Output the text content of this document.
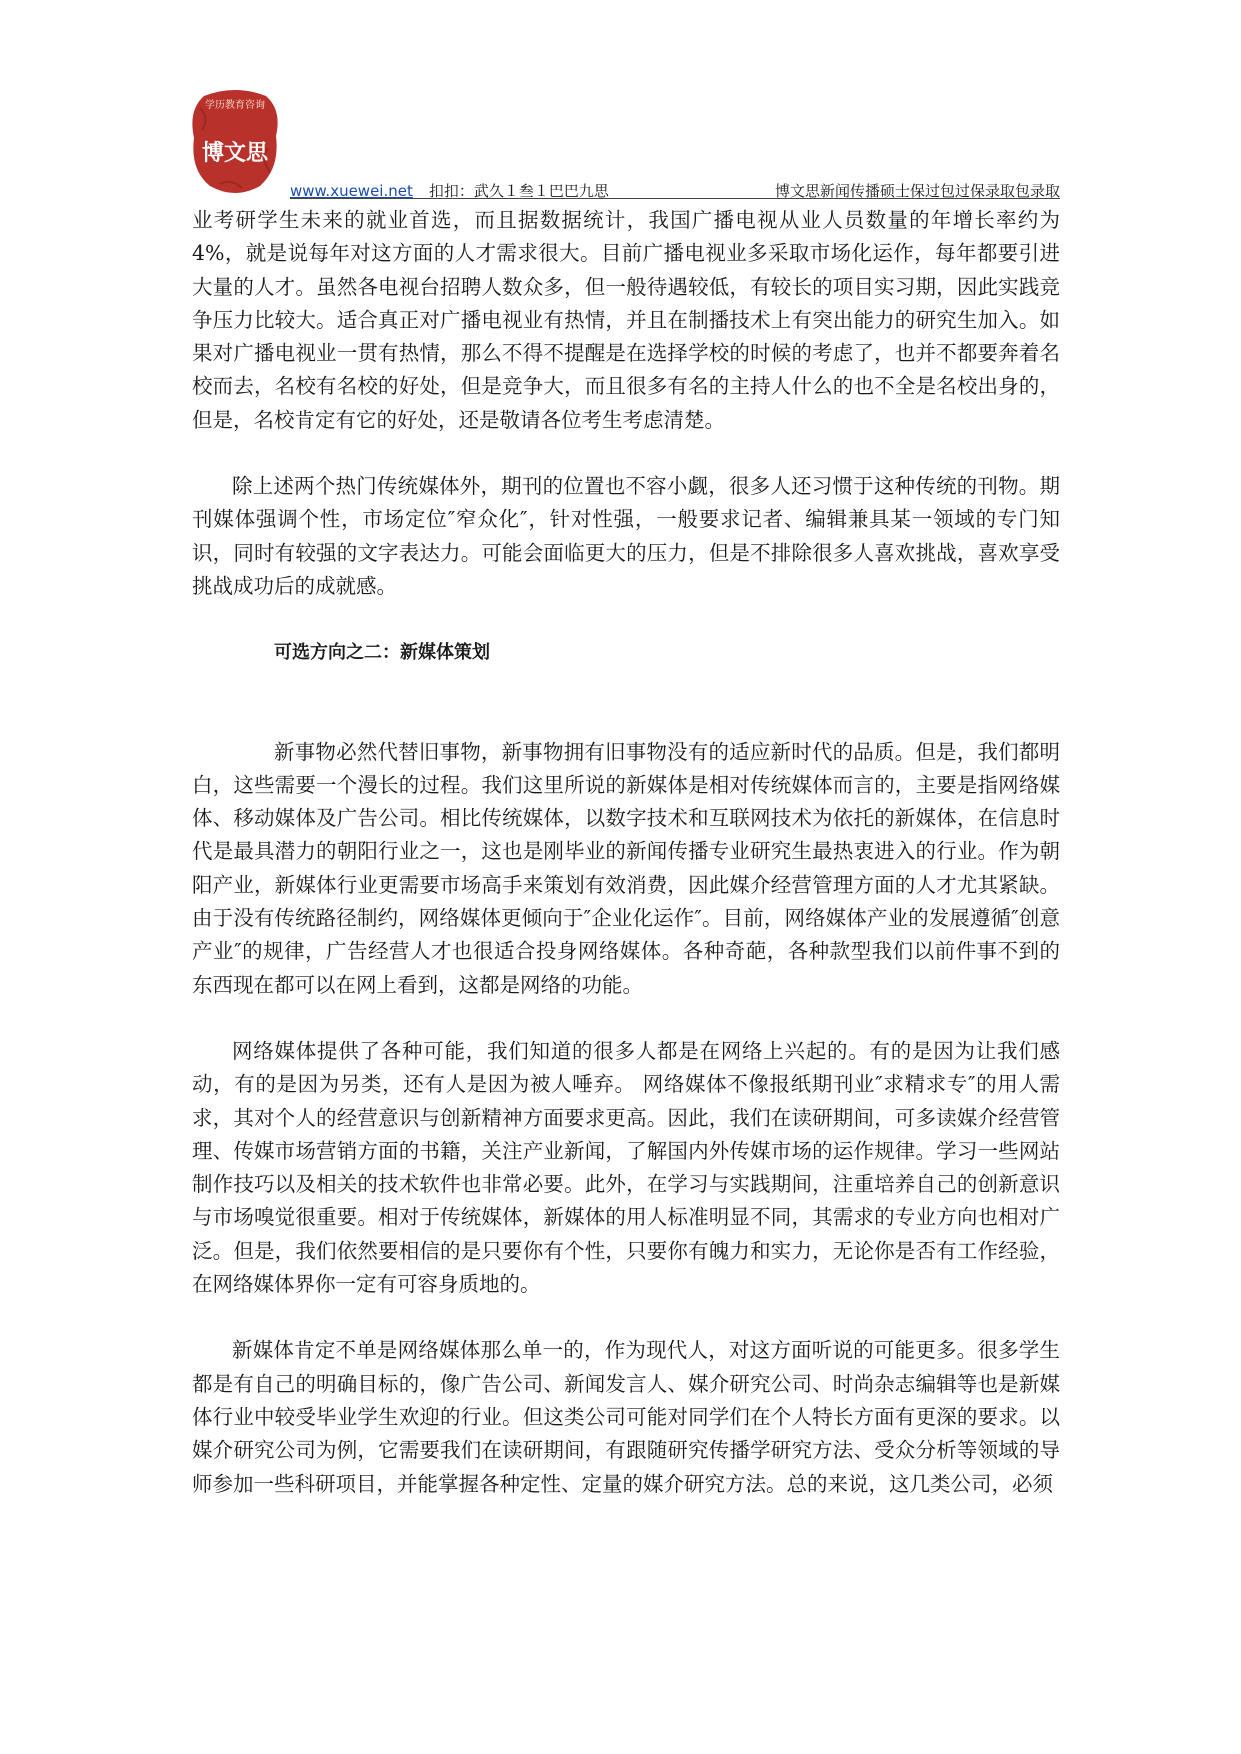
学历教育咨询
博文思
www.xuewei.net 扣扣：武久１叁１巴巴九思	博文思新闻传播硕士保过包过保录取包录取

业考研学生未来的就业首选，而且据数据统计，我国广播电视从业人员数量的年增长率约为4%，就是说每年对这方面的人才需求很大。目前广播电视业多采取市场化运作，每年都要引进大量的人才。虽然各电视台招聘人数众多，但一般待遇较低，有较长的项目实习期，因此实践竞争压力比较大。适合真正对广播电视业有热情，并且在制播技术上有突出能力的研究生加入。如果对广播电视业一贯有热情，那么不得不提醒是在选择学校的时候的考虑了，也并不都要奔着名校而去，名校有名校的好处，但是竞争大，而且很多有名的主持人什么的也不全是名校出身的，但是，名校肯定有它的好处，还是敬请各位考生考虑清楚。

除上述两个热门传统媒体外，期刊的位置也不容小觑，很多人还习惯于这种传统的刊物。期刊媒体强调个性，市场定位″窄众化″，针对性强，一般要求记者、编辑兼具某一领域的专门知识，同时有较强的文字表达力。可能会面临更大的压力，但是不排除很多人喜欢挑战，喜欢享受挑战成功后的成就感。

可选方向之二：新媒体策划

新事物必然代替旧事物，新事物拥有旧事物没有的适应新时代的品质。但是，我们都明白，这些需要一个漫长的过程。我们这里所说的新媒体是相对传统媒体而言的，主要是指网络媒体、移动媒体及广告公司。相比传统媒体，以数字技术和互联网技术为依托的新媒体，在信息时代是最具潜力的朝阳行业之一，这也是刚毕业的新闻传播专业研究生最热衷进入的行业。作为朝阳产业，新媒体行业更需要市场高手来策划有效消费，因此媒介经营管理方面的人才尤其紧缺。由于没有传统路径制约，网络媒体更倾向于″企业化运作″。目前，网络媒体产业的发展遵循″创意产业″的规律，广告经营人才也很适合投身网络媒体。各种奇葩，各种款型我们以前件事不到的东西现在都可以在网上看到，这都是网络的功能。

网络媒体提供了各种可能，我们知道的很多人都是在网络上兴起的。有的是因为让我们感动，有的是因为另类，还有人是因为被人唾弃。 网络媒体不像报纸期刊业″求精求专″的用人需求，其对个人的经营意识与创新精神方面要求更高。因此，我们在读研期间，可多读媒介经营管理、传媒市场营销方面的书籍，关注产业新闻，了解国内外传媒市场的运作规律。学习一些网站制作技巧以及相关的技术软件也非常必要。此外，在学习与实践期间，注重培养自己的创新意识与市场嗅觉很重要。相对于传统媒体，新媒体的用人标准明显不同，其需求的专业方向也相对广泛。但是，我们依然要相信的是只要你有个性，只要你有魄力和实力，无论你是否有工作经验，在网络媒体界你一定有可容身质地的。

新媒体肯定不单是网络媒体那么单一的，作为现代人，对这方面听说的可能更多。很多学生都是有自己的明确目标的，像广告公司、新闻发言人、媒介研究公司、时尚杂志编辑等也是新媒体行业中较受毕业学生欢迎的行业。但这类公司可能对同学们在个人特长方面有更深的要求。以媒介研究公司为例，它需要我们在读研期间，有跟随研究传播学研究方法、受众分析等领域的导师参加一些科研项目，并能掌握各种定性、定量的媒介研究方法。总的来说，这几类公司，必须
